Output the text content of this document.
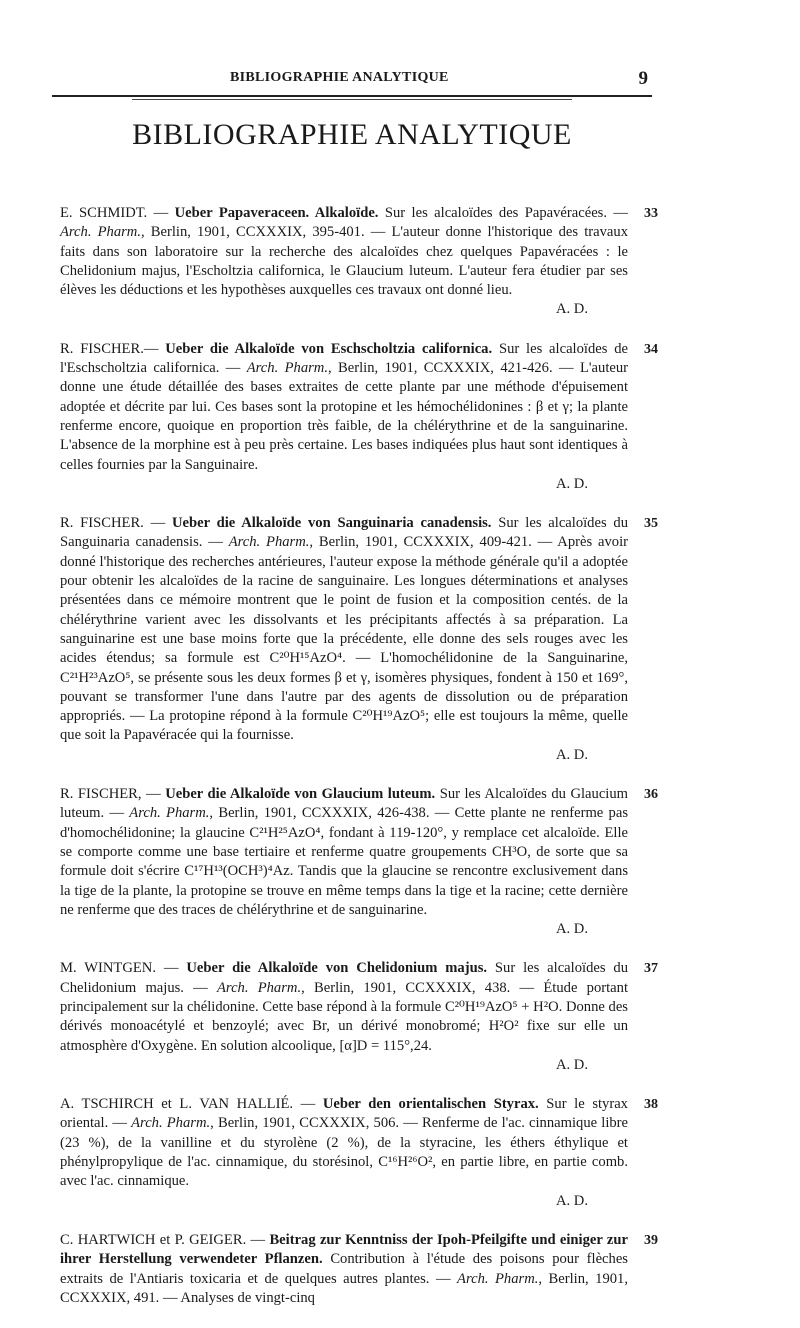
BIBLIOGRAPHIE ANALYTIQUE	9
BIBLIOGRAPHIE ANALYTIQUE
33
E. SCHMIDT. — Ueber Papaveraceen. Alkaloïde. Sur les alcaloïdes des Papavéracées. — Arch. Pharm., Berlin, 1901, CCXXXIX, 395-401. — L'auteur donne l'historique des travaux faits dans son laboratoire sur la recherche des alcaloïdes chez quelques Papavéracées : le Chelidonium majus, l'Escholtzia californica, le Glaucium luteum. L'auteur fera étudier par ses élèves les déductions et les hypothèses auxquelles ces travaux ont donné lieu.
A. D.
34
R. FISCHER.— Ueber die Alkaloïde von Eschscholtzia californica. Sur les alcaloïdes de l'Eschscholtzia californica. — Arch. Pharm., Berlin, 1901, CCXXXIX, 421-426. — L'auteur donne une étude détaillée des bases extraites de cette plante par une méthode d'épuisement adoptée et décrite par lui. Ces bases sont la protopine et les hémochélidonines : β et γ; la plante renferme encore, quoique en proportion très faible, de la chélérythrine et de la sanguinarine. L'absence de la morphine est à peu près certaine. Les bases indiquées plus haut sont identiques à celles fournies par la Sanguinaire.
A. D.
35
R. FISCHER. — Ueber die Alkaloïde von Sanguinaria canadensis. Sur les alcaloïdes du Sanguinaria canadensis. — Arch. Pharm., Berlin, 1901, CCXXXIX, 409-421. — Après avoir donné l'historique des recherches antérieures, l'auteur expose la méthode générale qu'il a adoptée pour obtenir les alcaloïdes de la racine de sanguinaire. Les longues déterminations et analyses présentées dans ce mémoire montrent que le point de fusion et la composition centés. de la chélérythrine varient avec les dissolvants et les précipitants affectés à sa préparation. La sanguinarine est une base moins forte que la précédente, elle donne des sels rouges avec les acides étendus; sa formule est C²⁰H¹⁵AzO⁴. — L'homochélidonine de la Sanguinarine, C²¹H²³AzO⁵, se présente sous les deux formes β et γ, isomères physiques, fondent à 150 et 169°, pouvant se transformer l'une dans l'autre par des agents de dissolution ou de préparation appropriés. — La protopine répond à la formule C²⁰H¹⁹AzO⁵; elle est toujours la même, quelle que soit la Papavéracée qui la fournisse.
A. D.
36
R. FISCHER, — Ueber die Alkaloïde von Glaucium luteum. Sur les Alcaloïdes du Glaucium luteum. — Arch. Pharm., Berlin, 1901, CCXXXIX, 426-438. — Cette plante ne renferme pas d'homochélidonine; la glaucine C²¹H²⁵AzO⁴, fondant à 119-120°, y remplace cet alcaloïde. Elle se comporte comme une base tertiaire et renferme quatre groupements CH³O, de sorte que sa formule doit s'écrire C¹⁷H¹³(OCH³)⁴Az. Tandis que la glaucine se rencontre exclusivement dans la tige de la plante, la protopine se trouve en même temps dans la tige et la racine; cette dernière ne renferme que des traces de chélérythrine et de sanguinarine.
A. D.
37
M. WINTGEN. — Ueber die Alkaloïde von Chelidonium majus. Sur les alcaloïdes du Chelidonium majus. — Arch. Pharm., Berlin, 1901, CCXXXIX, 438. — Étude portant principalement sur la chélidonine. Cette base répond à la formule C²⁰H¹⁹AzO⁵ + H²O. Donne des dérivés monoacétylé et benzoylé; avec Br, un dérivé monobromé; H²O² fixe sur elle un atmosphère d'Oxygène. En solution alcoolique, [α]D = 115°,24.
A. D.
38
A. TSCHIRCH et L. VAN HALLIÉ. — Ueber den orientalischen Styrax. Sur le styrax oriental. — Arch. Pharm., Berlin, 1901, CCXXXIX, 506. — Renferme de l'ac. cinnamique libre (23 %), de la vanilline et du styrolène (2 %), de la styracine, les éthers éthylique et phénylpropylique de l'ac. cinnamique, du storésinol, C¹⁶H²⁶O², en partie libre, en partie comb. avec l'ac. cinnamique.
A. D.
39
C. HARTWICH et P. GEIGER. — Beitrag zur Kenntniss der Ipoh-Pfeilgifte und einiger zur ihrer Herstellung verwendeter Pflanzen. Contribution à l'étude des poisons pour flèches extraits de l'Antiaris toxicaria et de quelques autres plantes. — Arch. Pharm., Berlin, 1901, CCXXXIX, 491. — Analyses de vingt-cinq
